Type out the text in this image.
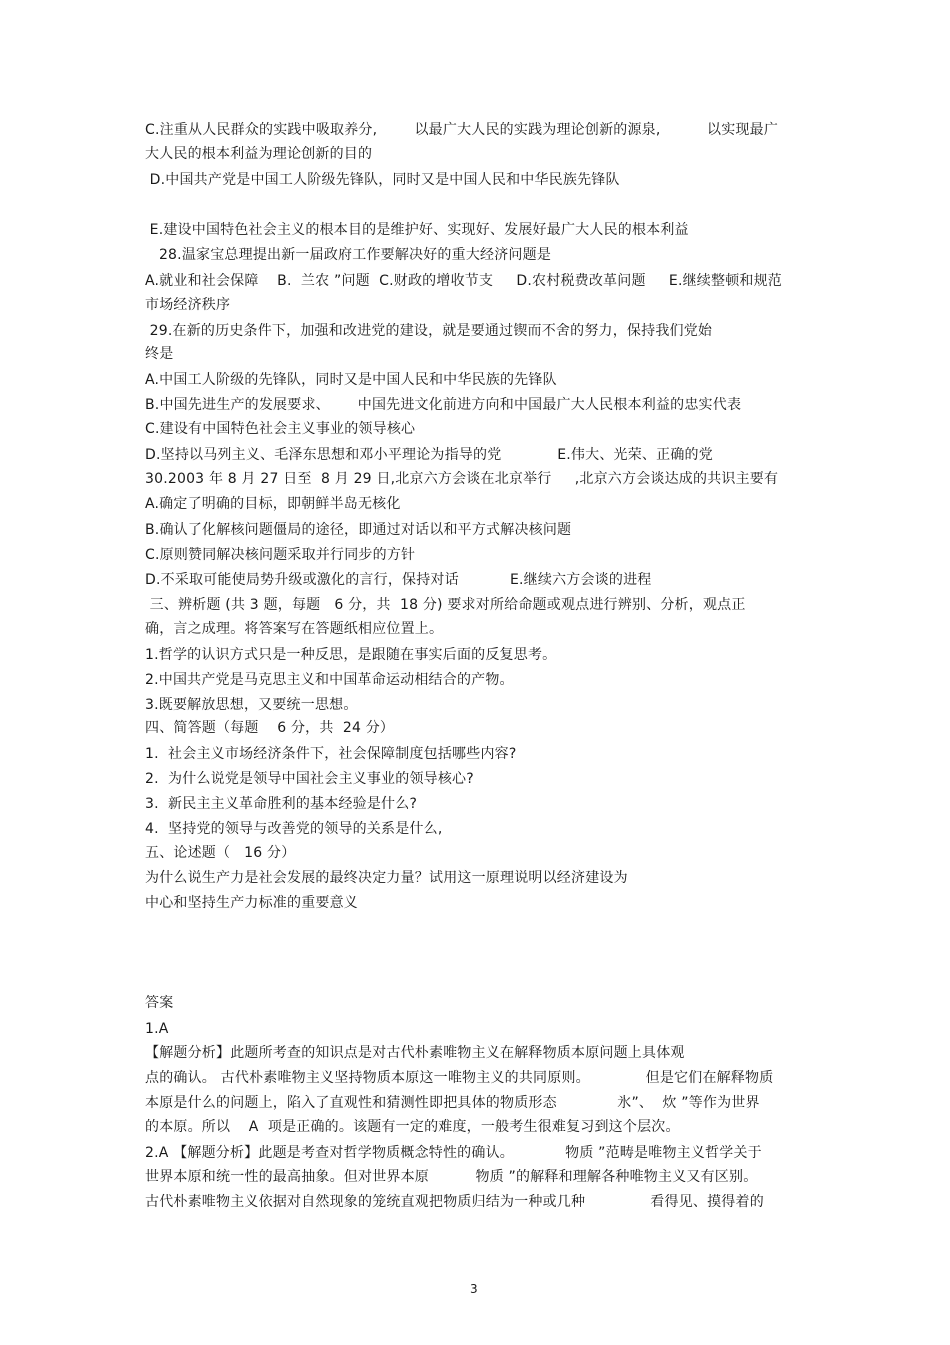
C.注重从人民群众的实践中吸取养分,        以最广大人民的实践为理论创新的源泉,          以实现最广
大人民的根本利益为理论创新的目的
D.中国共产党是中国工人阶级先锋队，同时又是中国人民和中华民族先锋队
E.建设中国特色社会主义的根本目的是维护好、实现好、发展好最广大人民的根本利益
28.温家宝总理提出新一届政府工作要解决好的重大经济问题是
A.就业和社会保障    B.  兰农 ”问题  C.财政的增收节支     D.农村税费改革问题     E.继续整顿和规范
市场经济秩序
29.在新的历史条件下，加强和改进党的建设，就是要通过锲而不舍的努力，保持我们党始
终是
A.中国工人阶级的先锋队，同时又是中国人民和中华民族的先锋队
B.中国先进生产的发展要求、      中国先进文化前进方向和中国最广大人民根本利益的忠实代表
C.建设有中国特色社会主义事业的领导核心
D.坚持以马列主义、毛泽东思想和邓小平理论为指导的党            E.伟大、光荣、正确的党
30.2003 年 8 月 27 日至  8 月 29 日,北京六方会谈在北京举行     ,北京六方会谈达成的共识主要有
A.确定了明确的目标，即朝鲜半岛无核化
B.确认了化解核问题僵局的途径，即通过对话以和平方式解决核问题
C.原则赞同解决核问题采取并行同步的方针
D.不采取可能使局势升级或激化的言行，保持对话           E.继续六方会谈的进程
三、辨析题 (共 3 题，每题   6 分，共  18 分) 要求对所给命题或观点进行辨别、分析，观点正
确，言之成理。将答案写在答题纸相应位置上。
1.哲学的认识方式只是一种反思，是跟随在事实后面的反复思考。
2.中国共产党是马克思主义和中国革命运动相结合的产物。
3.既要解放思想，又要统一思想。
四、简答题（每题    6 分，共  24 分）
1.  社会主义市场经济条件下，社会保障制度包括哪些内容?
2.  为什么说党是领导中国社会主义事业的领导核心?
3.  新民主主义革命胜利的基本经验是什么?
4.  坚持党的领导与改善党的领导的关系是什么,
五、论述题（   16 分）
为什么说生产力是社会发展的最终决定力量？试用这一原理说明以经济建设为
中心和坚持生产力标准的重要意义
答案
1.A
【解题分析】此题所考查的知识点是对古代朴素唯物主义在解释物质本原问题上具体观
点的确认。 古代朴素唯物主义坚持物质本原这一唯物主义的共同原则。            但是它们在解释物质
本原是什么的问题上，陷入了直观性和猜测性即把具体的物质形态             氷”、  炊 ”等作为世界
的本原。所以    A  项是正确的。该题有一定的难度，一般考生很难复习到这个层次。
2.A 【解题分析】此题是考查对哲学物质概念特性的确认。           物质 ”范畴是唯物主义哲学关于
世界本原和统一性的最高抽象。但对世界本原          物质 ”的解释和理解各种唯物主义又有区别。
古代朴素唯物主义依据对自然现象的笼统直观把物质归结为一种或几种              看得见、摸得着的
3
